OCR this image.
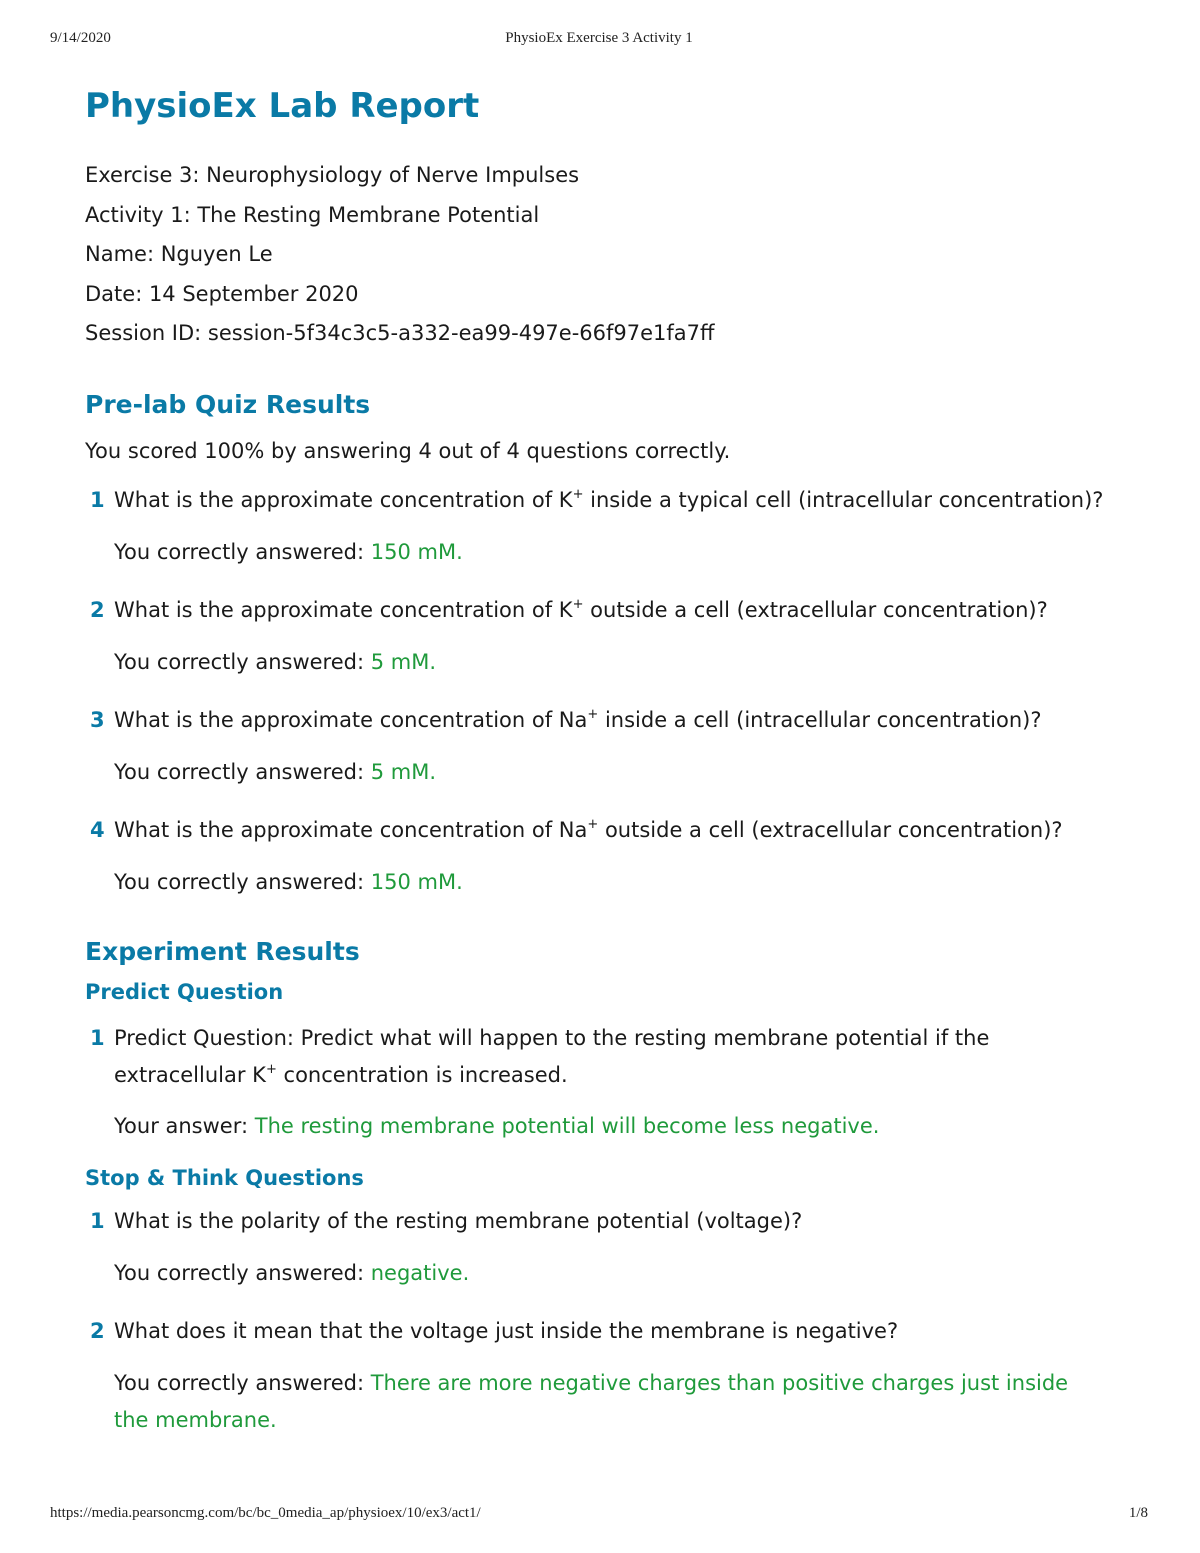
9/14/2020	PhysioEx Exercise 3 Activity 1
PhysioEx Lab Report
Exercise 3: Neurophysiology of Nerve Impulses
Activity 1: The Resting Membrane Potential
Name: Nguyen Le
Date: 14 September 2020
Session ID: session-5f34c3c5-a332-ea99-497e-66f97e1fa7ff
Pre-lab Quiz Results
You scored 100% by answering 4 out of 4 questions correctly.
1 What is the approximate concentration of K+ inside a typical cell (intracellular concentration)?
You correctly answered: 150 mM.
2 What is the approximate concentration of K+ outside a cell (extracellular concentration)?
You correctly answered: 5 mM.
3 What is the approximate concentration of Na+ inside a cell (intracellular concentration)?
You correctly answered: 5 mM.
4 What is the approximate concentration of Na+ outside a cell (extracellular concentration)?
You correctly answered: 150 mM.
Experiment Results
Predict Question
1 Predict Question: Predict what will happen to the resting membrane potential if the
extracellular K+ concentration is increased.
Your answer: The resting membrane potential will become less negative.
Stop & Think Questions
1 What is the polarity of the resting membrane potential (voltage)?
You correctly answered: negative.
2 What does it mean that the voltage just inside the membrane is negative?
You correctly answered: There are more negative charges than positive charges just inside
the membrane.
https://media.pearsoncmg.com/bc/bc_0media_ap/physioex/10/ex3/act1/	1/8
